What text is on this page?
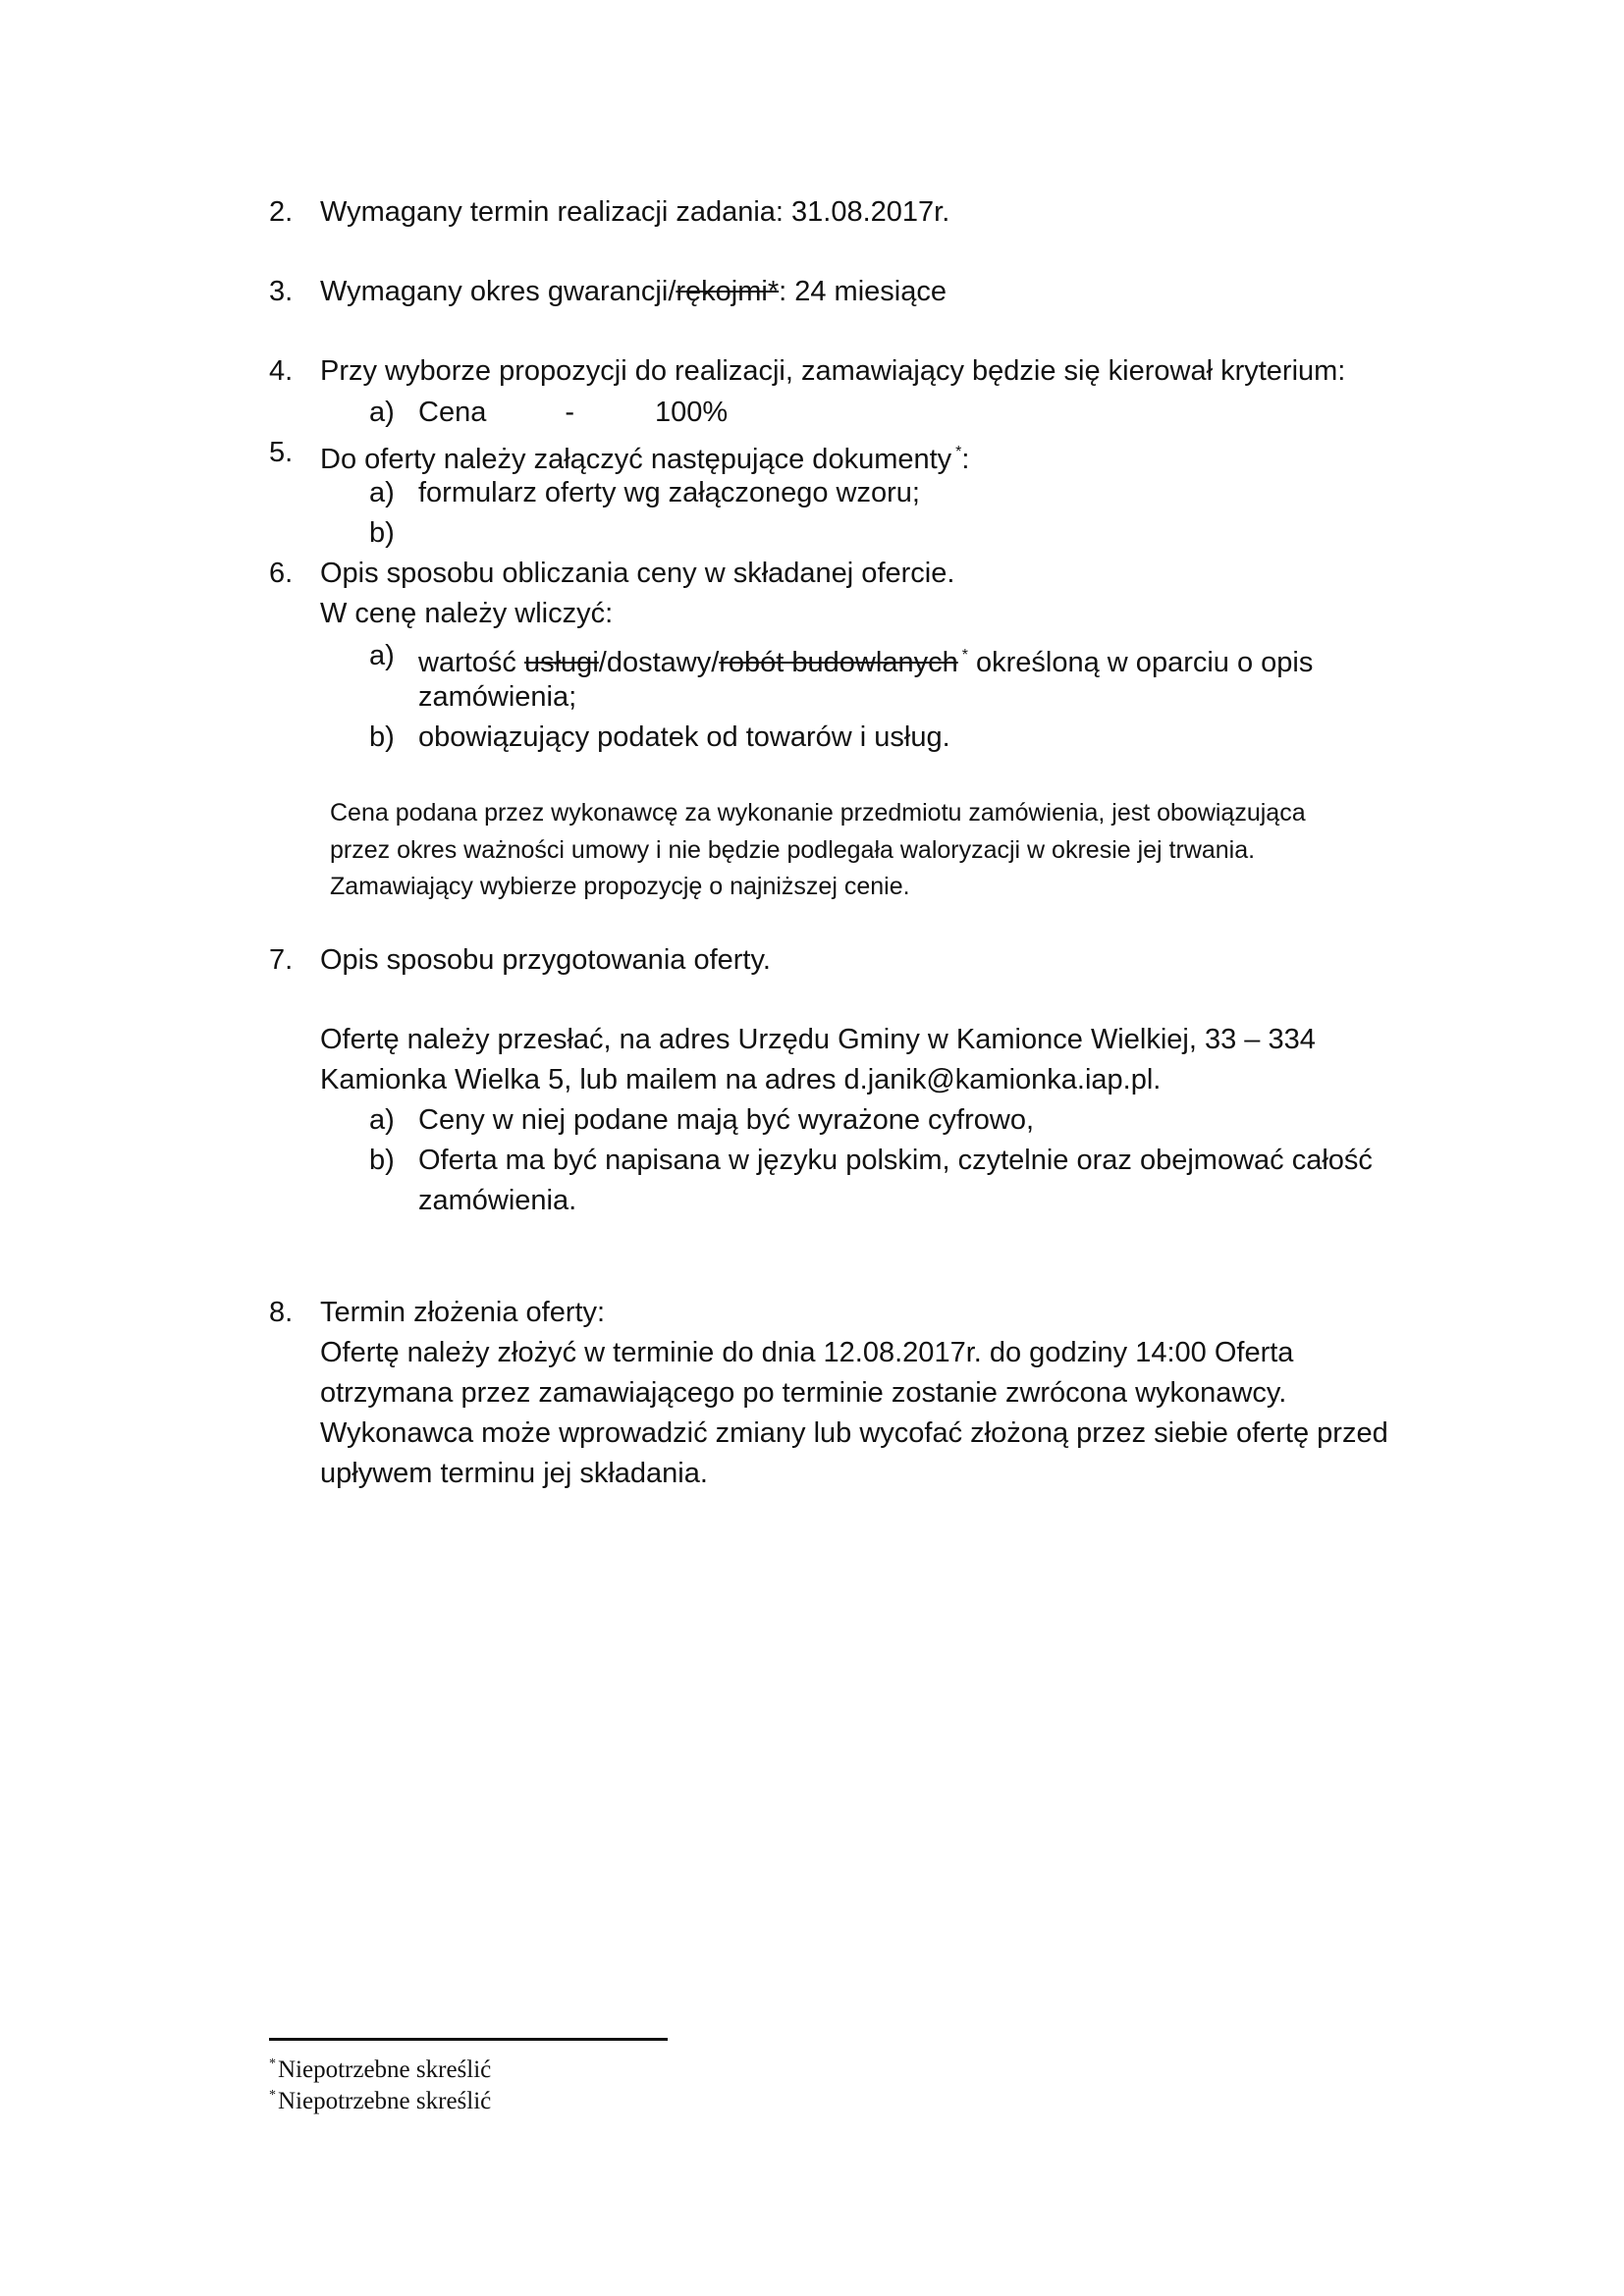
2. Wymagany termin realizacji zadania: 31.08.2017r.
3. Wymagany okres gwarancji/rękojmi*: 24 miesiące
4. Przy wyborze propozycji do realizacji, zamawiający będzie się kierował kryterium:
a) Cena	-	100%
5. Do oferty należy załączyć następujące dokumenty *:
a) formularz oferty wg załączonego wzoru;
b)
6. Opis sposobu obliczania ceny w składanej ofercie.
W cenę należy wliczyć:
a) wartość usługi/dostawy/robót budowlanych * określoną w oparciu o opis
zamówienia;
b) obowiązujący podatek od towarów i usług.
Cena podana przez wykonawcę za wykonanie przedmiotu zamówienia, jest obowiązująca
przez okres ważności umowy i nie będzie podlegała waloryzacji w okresie jej trwania.
Zamawiający wybierze propozycję o najniższej cenie.
7. Opis sposobu przygotowania oferty.
Ofertę należy przesłać, na adres Urzędu Gminy w Kamionce Wielkiej, 33 – 334
Kamionka Wielka 5, lub mailem na adres d.janik@kamionka.iap.pl.
a) Ceny w niej podane mają być wyrażone cyfrowo,
b) Oferta ma być napisana w języku polskim, czytelnie oraz obejmować całość
zamówienia.
8. Termin złożenia oferty:
Ofertę należy złożyć w terminie do dnia 12.08.2017r. do godziny 14:00 Oferta
otrzymana przez zamawiającego po terminie zostanie zwrócona wykonawcy.
Wykonawca może wprowadzić zmiany lub wycofać złożoną przez siebie ofertę przed
upływem terminu jej składania.
*Niepotrzebne skreślić
*Niepotrzebne skreślić
